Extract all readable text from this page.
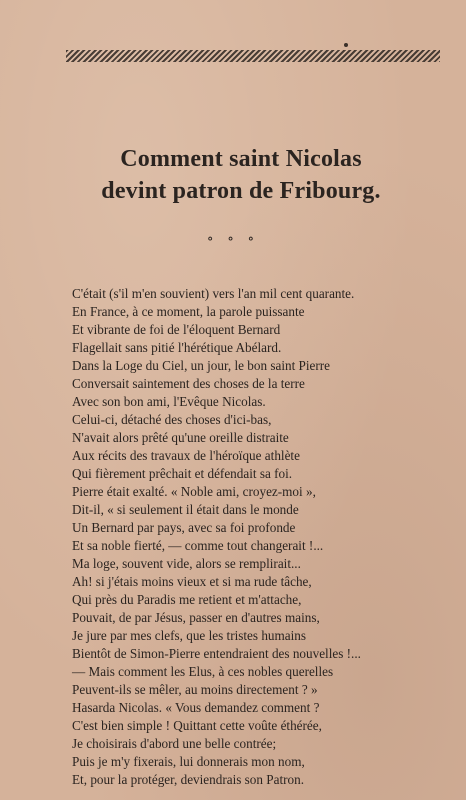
Comment saint Nicolas
devint patron de Fribourg.
∘ ∘ ∘
C'était (s'il m'en souvient) vers l'an mil cent quarante.
En France, à ce moment, la parole puissante
Et vibrante de foi de l'éloquent Bernard
Flagellait sans pitié l'hérétique Abélard.
Dans la Loge du Ciel, un jour, le bon saint Pierre
Conversait saintement des choses de la terre
Avec son bon ami, l'Evêque Nicolas.
Celui-ci, détaché des choses d'ici-bas,
N'avait alors prêté qu'une oreille distraite
Aux récits des travaux de l'héroïque athlète
Qui fièrement prêchait et défendait sa foi.
Pierre était exalté. « Noble ami, croyez-moi »,
Dit-il, « si seulement il était dans le monde
Un Bernard par pays, avec sa foi profonde
Et sa noble fierté, — comme tout changerait !...
Ma loge, souvent vide, alors se remplirait...
Ah! si j'étais moins vieux et si ma rude tâche,
Qui près du Paradis me retient et m'attache,
Pouvait, de par Jésus, passer en d'autres mains,
Je jure par mes clefs, que les tristes humains
Bientôt de Simon-Pierre entendraient des nouvelles !...
— Mais comment les Elus, à ces nobles querelles
Peuvent-ils se mêler, au moins directement ? »
Hasarda Nicolas. « Vous demandez comment ?
C'est bien simple ! Quittant cette voûte éthérée,
Je choisirais d'abord une belle contrée;
Puis je m'y fixerais, lui donnerais mon nom,
Et, pour la protéger, deviendrais son Patron.
